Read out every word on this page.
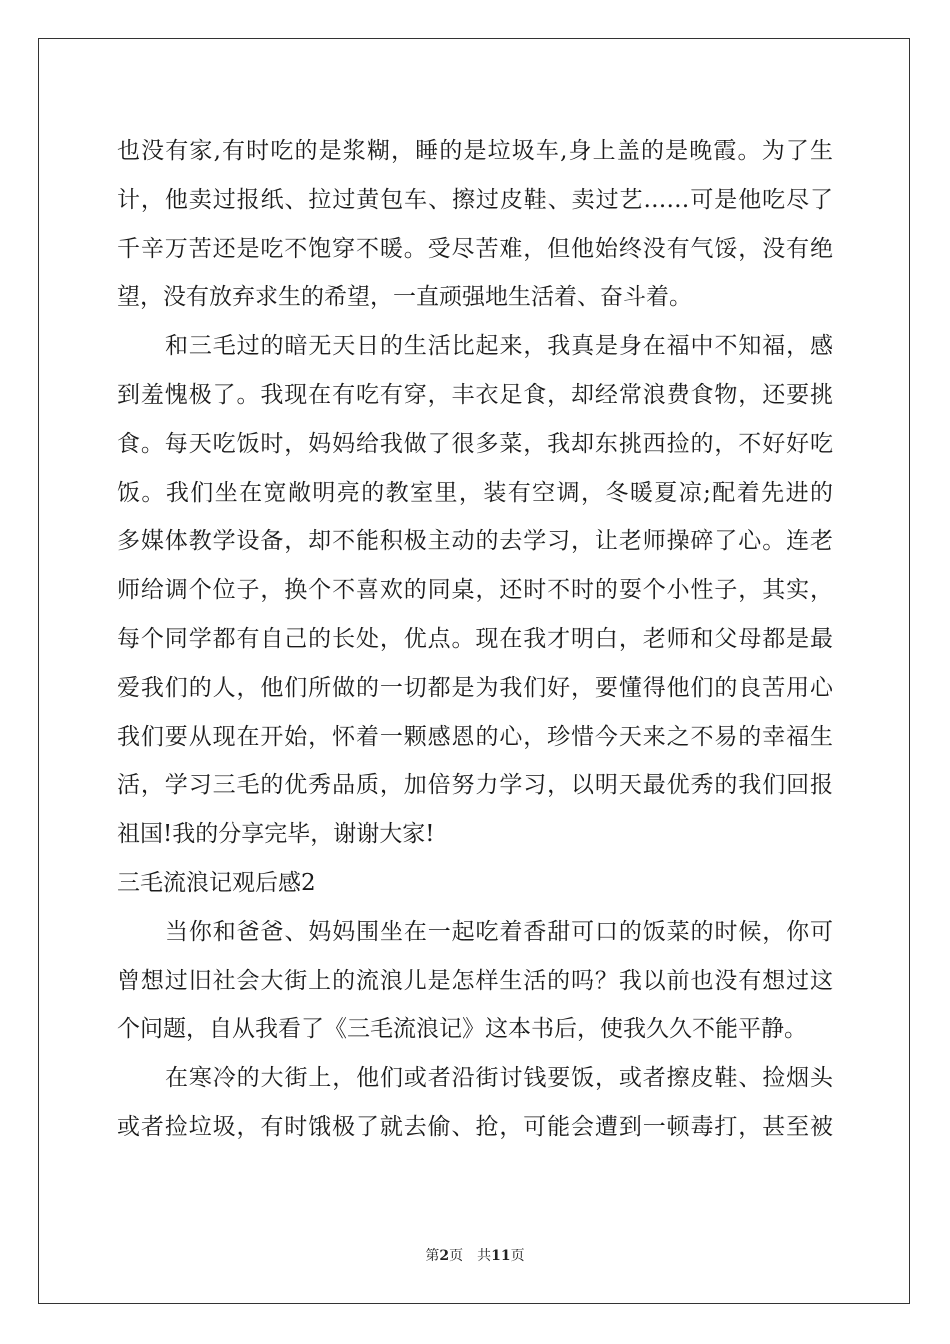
也没有家,有时吃的是浆糊，睡的是垃圾车,身上盖的是晚霞。为了生
计，他卖过报纸、拉过黄包车、擦过皮鞋、卖过艺……可是他吃尽了
千辛万苦还是吃不饱穿不暖。受尽苦难，但他始终没有气馁，没有绝
望，没有放弃求生的希望，一直顽强地生活着、奋斗着。
和三毛过的暗无天日的生活比起来，我真是身在福中不知福，感
到羞愧极了。我现在有吃有穿，丰衣足食，却经常浪费食物，还要挑
食。每天吃饭时，妈妈给我做了很多菜，我却东挑西捡的，不好好吃
饭。我们坐在宽敞明亮的教室里，装有空调，冬暖夏凉;配着先进的
多媒体教学设备，却不能积极主动的去学习，让老师操碎了心。连老
师给调个位子，换个不喜欢的同桌，还时不时的耍个小性子，其实，
每个同学都有自己的长处，优点。现在我才明白，老师和父母都是最
爱我们的人，他们所做的一切都是为我们好，要懂得他们的良苦用心
我们要从现在开始，怀着一颗感恩的心，珍惜今天来之不易的幸福生
活，学习三毛的优秀品质，加倍努力学习，以明天最优秀的我们回报
祖国!我的分享完毕，谢谢大家!
三毛流浪记观后感2
当你和爸爸、妈妈围坐在一起吃着香甜可口的饭菜的时候，你可
曾想过旧社会大街上的流浪儿是怎样生活的吗？我以前也没有想过这
个问题，自从我看了《三毛流浪记》这本书后，使我久久不能平静。
在寒冷的大街上，他们或者沿街讨钱要饭，或者擦皮鞋、捡烟头
或者捡垃圾，有时饿极了就去偷、抢，可能会遭到一顿毒打，甚至被
第2页 共11页
